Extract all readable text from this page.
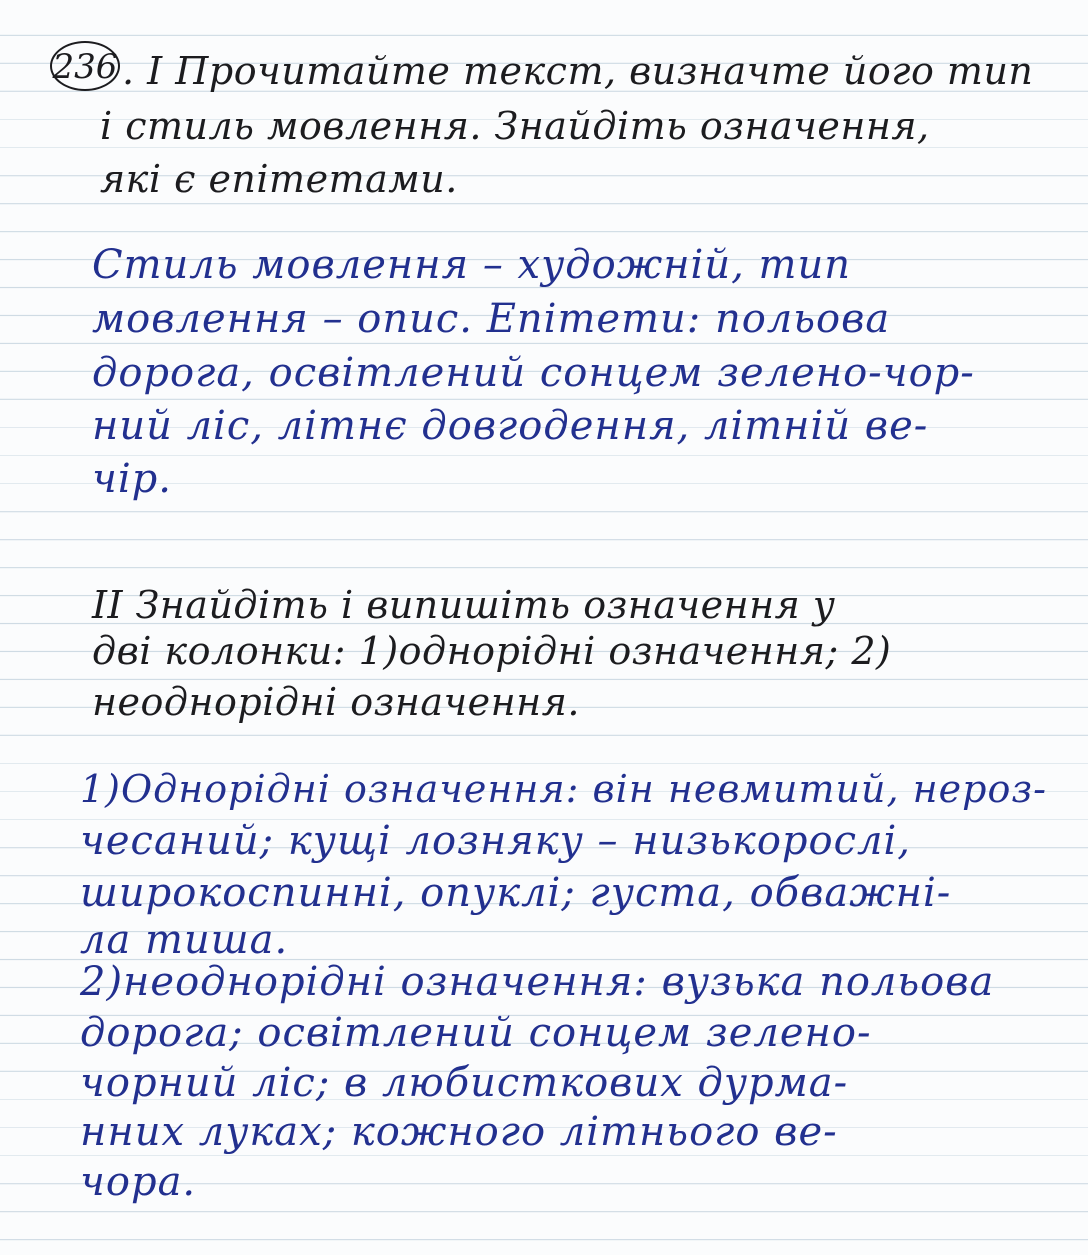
236 . І Прочитайте текст, визначте його тип
і стиль мовлення. Знайдіть означення,
які є епітетами.
Стиль мовлення – художній, тип
мовлення – опис. Епітети: польова
дорога, освітлений сонцем зелено-чор-
ний ліс, літнє довгодення, літній ве-
чір.
ІІ Знайдіть і випишіть означення у
дві колонки: 1)однорідні означення; 2)
неоднорідні означення.
1)Однорідні означення: він невмитий, нероз-
чесаний; кущі лозняку – низькорослі,
широкоспинні, опуклі; густа, обважні-
ла тиша.
2)неоднорідні означення: вузька польова
дорога; освітлений сонцем зелено-
чорний ліс; в любисткових дурма-
нних луках; кожного літнього ве-
чора.
